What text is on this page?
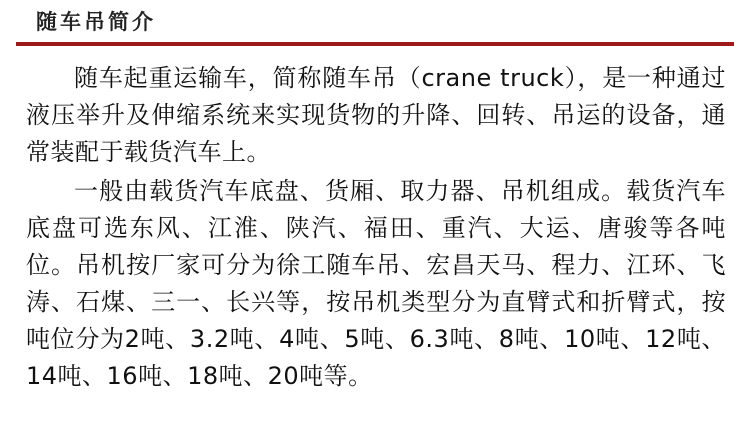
随车吊简介

随车起重运输车，简称随车吊（crane truck），是一种通过液压举升及伸缩系统来实现货物的升降、回转、吊运的设备，通常装配于载货汽车上。

一般由载货汽车底盘、货厢、取力器、吊机组成。载货汽车底盘可选东风、江淮、陕汽、福田、重汽、大运、唐骏等各吨位。吊机按厂家可分为徐工随车吊、宏昌天马、程力、江环、飞涛、石煤、三一、长兴等，按吊机类型分为直臂式和折臂式，按吨位分为2吨、3.2吨、4吨、5吨、6.3吨、8吨、10吨、12吨、14吨、16吨、18吨、20吨等。
